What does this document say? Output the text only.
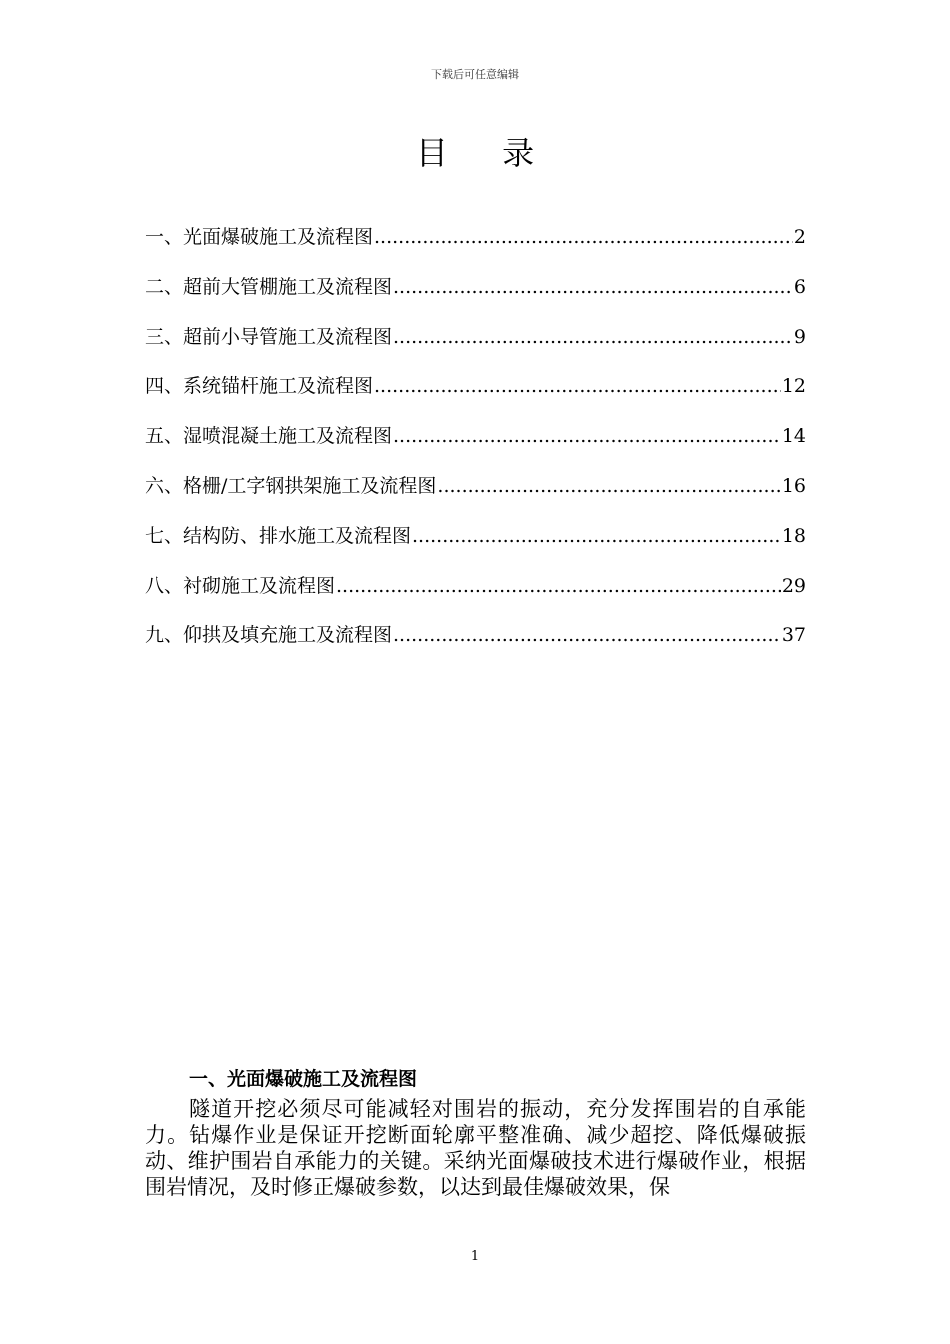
下载后可任意编辑
目 录
一、光面爆破施工及流程图 .....	2
二、超前大管棚施工及流程图 .....	6
三、超前小导管施工及流程图 .....	9
四、系统锚杆施工及流程图 .....	12
五、湿喷混凝土施工及流程图 .....	14
六、格栅/工字钢拱架施工及流程图 .....	16
七、结构防、排水施工及流程图 .....	18
八、衬砌施工及流程图 .....	29
九、仰拱及填充施工及流程图 .....	37
一、光面爆破施工及流程图

隧道开挖必须尽可能减轻对围岩的振动，充分发挥围岩的自承能力。钻爆作业是保证开挖断面轮廓平整准确、减少超挖、降低爆破振动、维护围岩自承能力的关键。采纳光面爆破技术进行爆破作业，根据围岩情况，及时修正爆破参数，以达到最佳爆破效果，保

1
